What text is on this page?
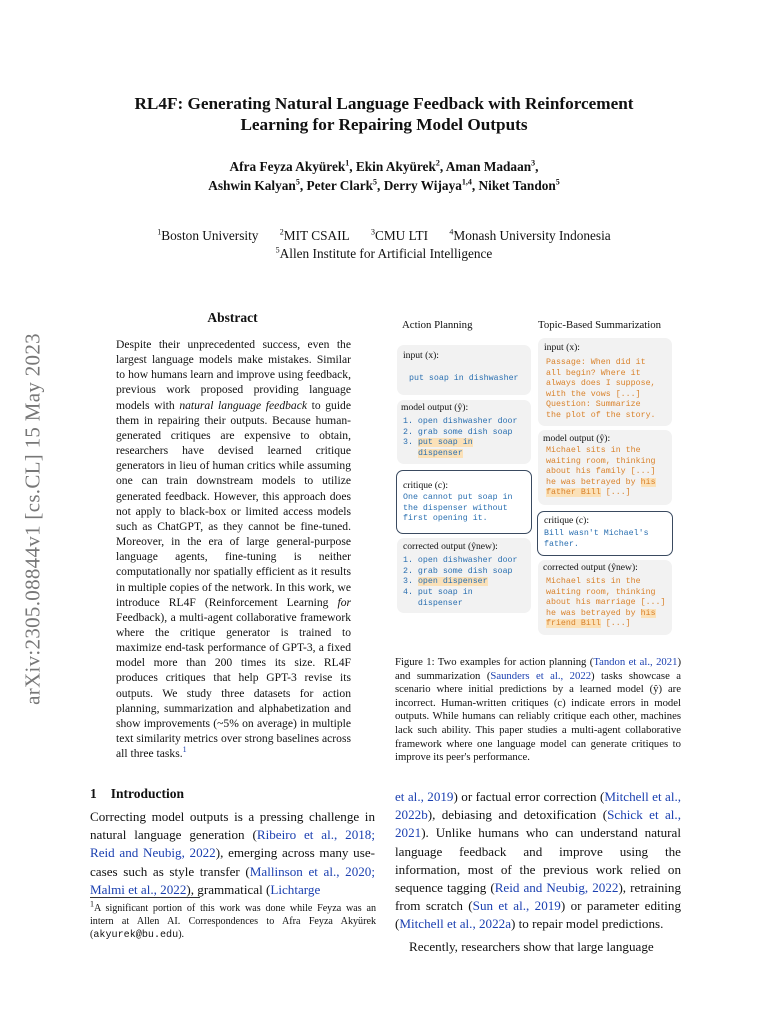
arXiv:2305.08844v1 [cs.CL] 15 May 2023
RL4F: Generating Natural Language Feedback with Reinforcement
Learning for Repairing Model Outputs
Afra Feyza Akyürek$^1$, Ekin Akyürek$^2$, Aman Madaan$^3$,
Ashwin Kalyan$^5$, Peter Clark$^5$, Derry Wijaya$^{1,4}$, Niket Tandon$^5$
$^1$Boston University	$^2$MIT CSAIL	$^3$CMU LTI	$^4$Monash University Indonesia
$^5$Allen Institute for Artificial Intelligence
Abstract
Despite their unprecedented success, even the largest language models make mistakes. Similar to how humans learn and improve using feedback, previous work proposed providing language models with natural language feedback to guide them in repairing their outputs. Because human-generated critiques are expensive to obtain, researchers have devised learned critique generators in lieu of human critics while assuming one can train downstream models to utilize generated feedback. However, this approach does not apply to black-box or limited access models such as ChatGPT, as they cannot be fine-tuned. Moreover, in the era of large general-purpose language agents, fine-tuning is neither computationally nor spatially efficient as it results in multiple copies of the network. In this work, we introduce RL4F (Reinforcement Learning for Feedback), a multi-agent collaborative framework where the critique generator is trained to maximize end-task performance of GPT-3, a fixed model more than 200 times its size. RL4F produces critiques that help GPT-3 revise its outputs. We study three datasets for action planning, summarization and alphabetization and show improvements (~5% on average) in multiple text similarity metrics over strong baselines across all three tasks.$^1$
Action Planning	Topic-Based Summarization
input (x):
put soap in dishwasher
model output (ŷ):
1. open dishwasher door
2. grab some dish soap
3. put soap in
dispenser
critique (c):
One cannot put soap in
the dispenser without
first opening it.
corrected output (ŷnew):
1. open dishwasher door
2. grab some dish soap
3. open dispenser
4. put soap in
dispenser
input (x):
Passage: When did it
all begin? Where it
always does I suppose,
with the vows [...]
Question: Summarize
the plot of the story.
model output (ŷ):
Michael sits in the
waiting room, thinking
about his family [...]
he was betrayed by his
father Bill [...]
critique (c):
Bill wasn't Michael's
father.
corrected output (ŷnew):
Michael sits in the
waiting room, thinking
about his marriage [...]
he was betrayed by his
friend Bill [...]
Figure 1: Two examples for action planning (Tandon et al., 2021) and summarization (Saunders et al., 2022) tasks showcase a scenario where initial predictions by a learned model (ŷ) are incorrect. Human-written critiques (c) indicate errors in model outputs. While humans can reliably critique each other, machines lack such ability. This paper studies a multi-agent collaborative framework where one language model can generate critiques to improve its peer's performance.
1 Introduction
Correcting model outputs is a pressing challenge in natural language generation (Ribeiro et al., 2018; Reid and Neubig, 2022), emerging across many use-cases such as style transfer (Mallinson et al., 2020; Malmi et al., 2022), grammatical (Lichtarge
$^1$A significant portion of this work was done while Feyza was an intern at Allen AI. Correspondences to Afra Feyza Akyürek (akyurek@bu.edu).
et al., 2019) or factual error correction (Mitchell et al., 2022b), debiasing and detoxification (Schick et al., 2021). Unlike humans who can understand natural language feedback and improve using the information, most of the previous work relied on sequence tagging (Reid and Neubig, 2022), retraining from scratch (Sun et al., 2019) or parameter editing (Mitchell et al., 2022a) to repair model predictions.
Recently, researchers show that large language
